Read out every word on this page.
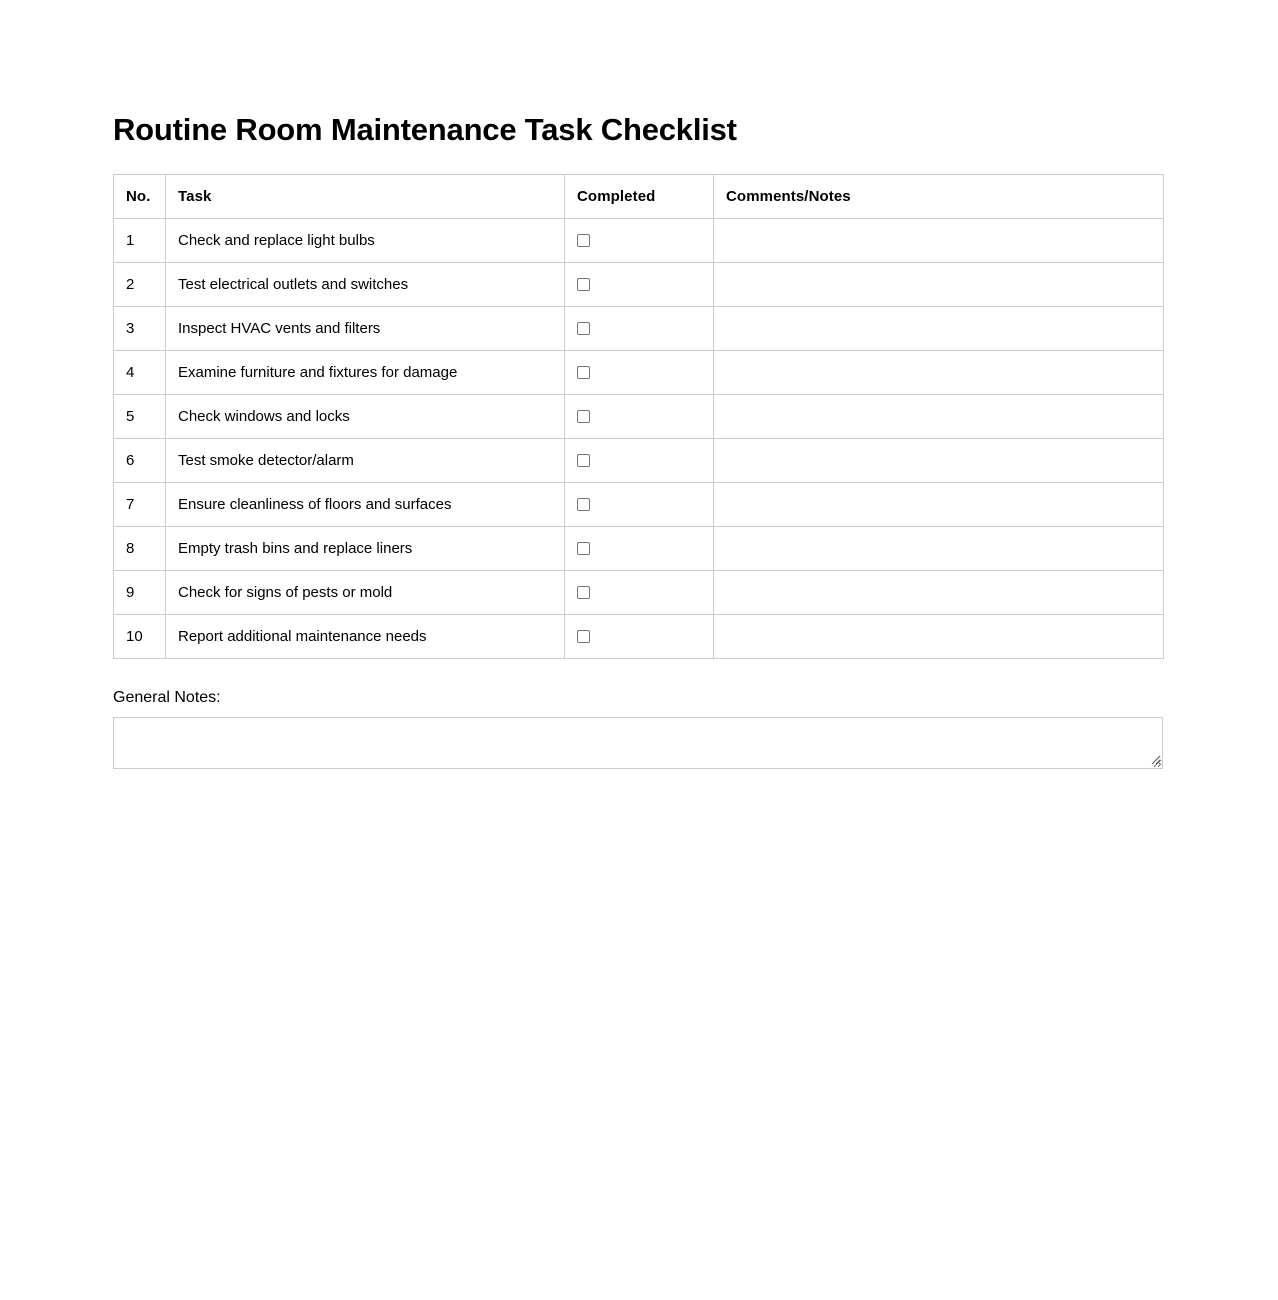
Routine Room Maintenance Task Checklist
No.	Task	Completed	Comments/Notes
1	Check and replace light bulbs		
2	Test electrical outlets and switches		
3	Inspect HVAC vents and filters		
4	Examine furniture and fixtures for damage		
5	Check windows and locks		
6	Test smoke detector/alarm		
7	Ensure cleanliness of floors and surfaces		
8	Empty trash bins and replace liners		
9	Check for signs of pests or mold		
10	Report additional maintenance needs		
General Notes:
